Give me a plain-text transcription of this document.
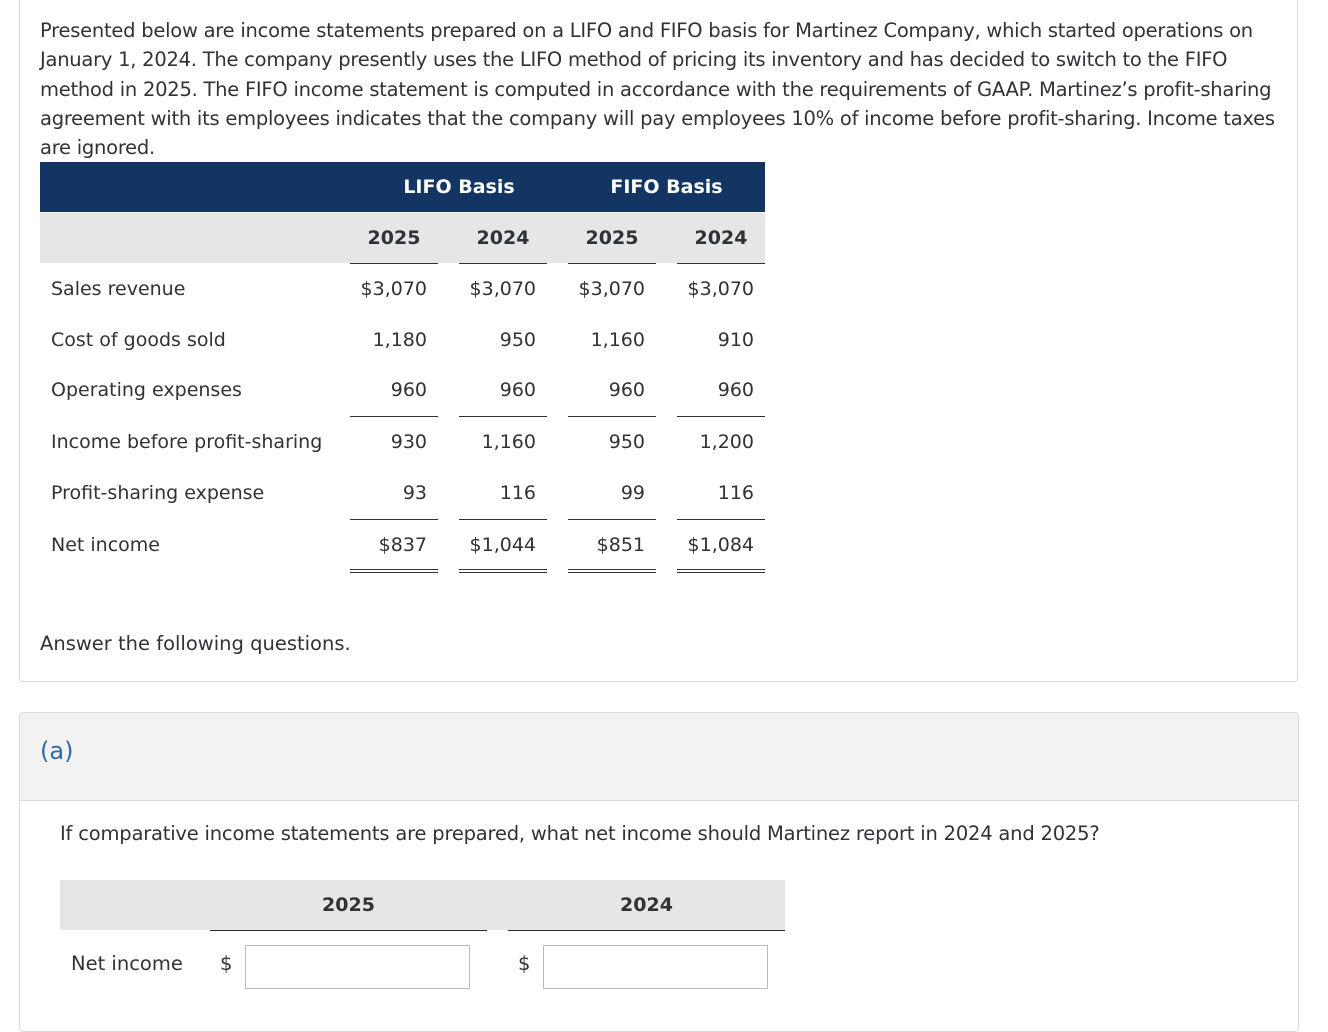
Presented below are income statements prepared on a LIFO and FIFO basis for Martinez Company, which started operations on January 1, 2024. The company presently uses the LIFO method of pricing its inventory and has decided to switch to the FIFO method in 2025. The FIFO income statement is computed in accordance with the requirements of GAAP. Martinez’s profit-sharing agreement with its employees indicates that the company will pay employees 10% of income before profit-sharing. Income taxes are ignored.

LIFO Basis	FIFO Basis
2025	2024	2025	2024
Sales revenue	$3,070	$3,070	$3,070	$3,070
Cost of goods sold	1,180	950	1,160	910
Operating expenses	960	960	960	960
Income before profit-sharing	930	1,160	950	1,200
Profit-sharing expense	93	116	99	116
Net income	$837	$1,044	$851	$1,084

Answer the following questions.

(a)

If comparative income statements are prepared, what net income should Martinez report in 2024 and 2025?

2025	2024
Net income $	$
